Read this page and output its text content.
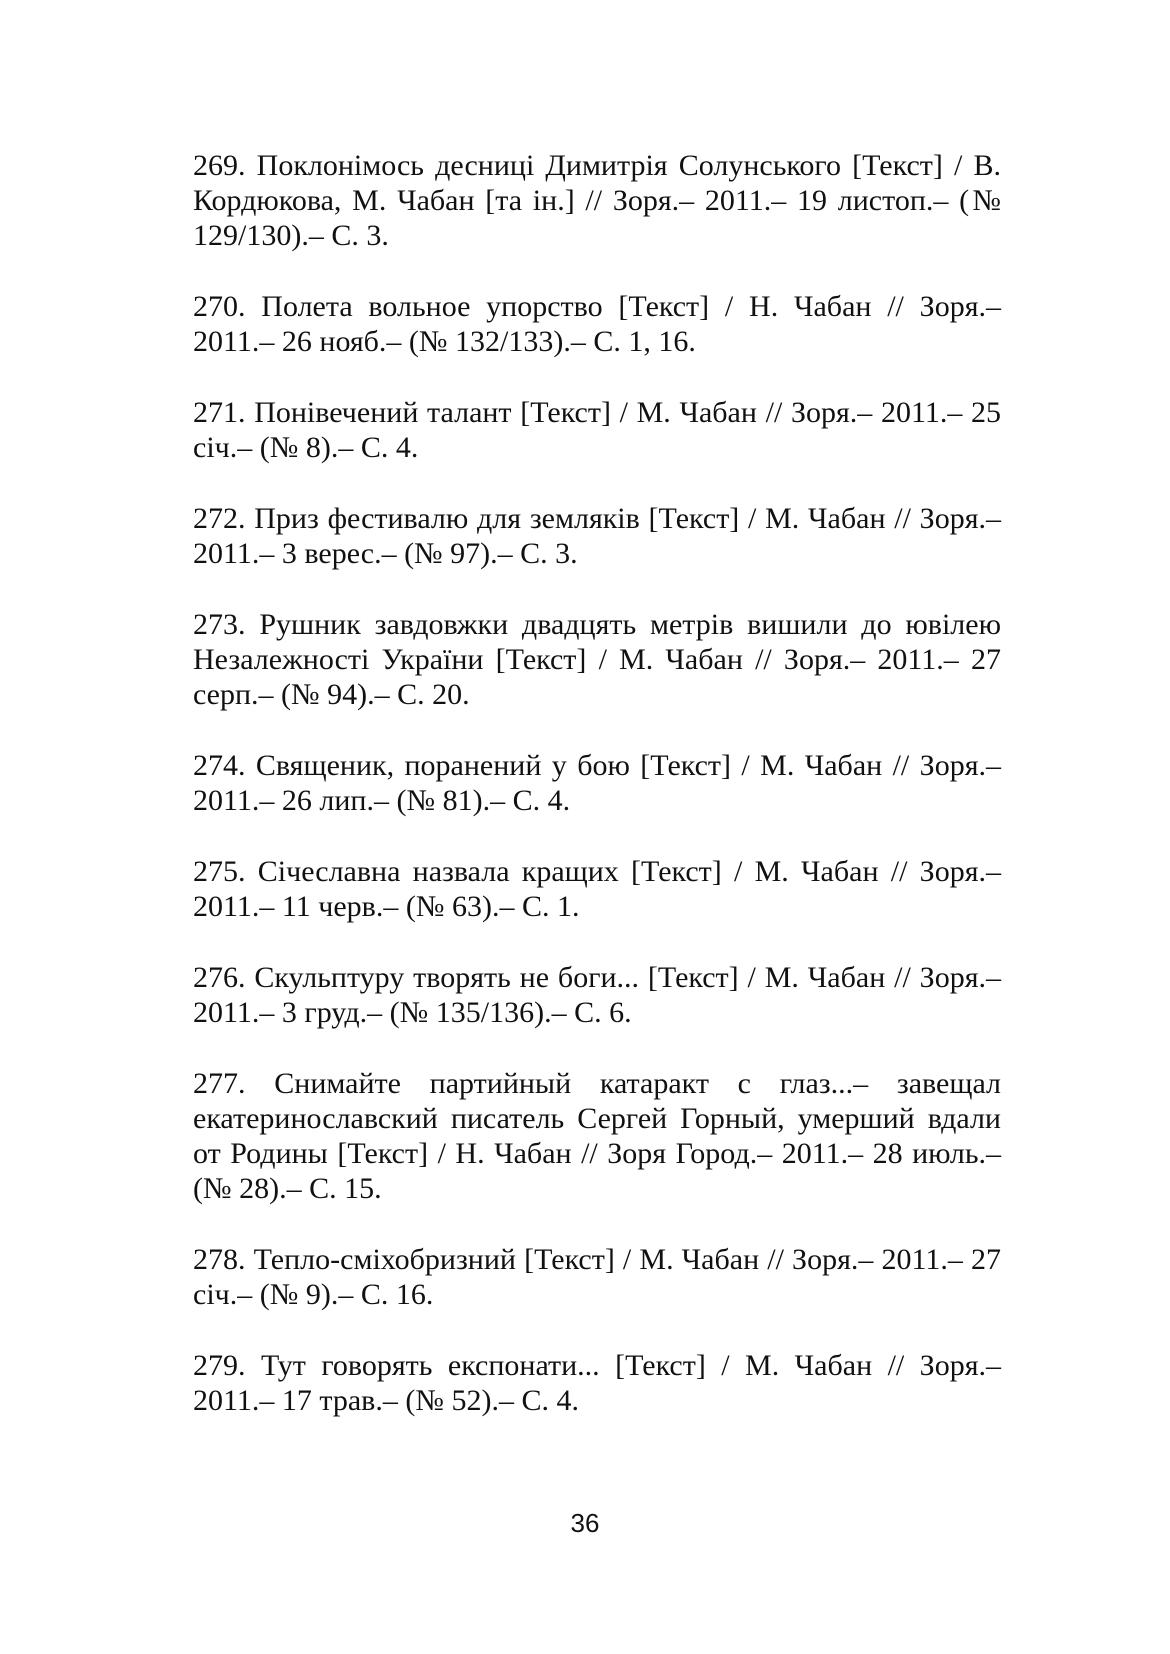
269. Поклонімось десниці Димитрія Солунського [Текст] / В. Кордюкова, М. Чабан [та ін.] // Зоря.– 2011.– 19 листоп.– (№ 129/130).– С. 3.

270. Полета вольное упорство [Текст] / Н. Чабан // Зоря.– 2011.– 26 нояб.– (№ 132/133).– С. 1, 16.

271. Понівечений талант [Текст] / М. Чабан // Зоря.– 2011.– 25 січ.– (№ 8).– С. 4.

272. Приз фестивалю для земляків [Текст] / М. Чабан // Зоря.– 2011.– 3 верес.– (№ 97).– С. 3.

273. Рушник завдовжки двадцять метрів вишили до ювілею Незалежності України [Текст] / М. Чабан // Зоря.– 2011.– 27 серп.– (№ 94).– С. 20.

274. Священик, поранений у бою [Текст] / М. Чабан // Зоря.– 2011.– 26 лип.– (№ 81).– С. 4.

275. Січеславна назвала кращих [Текст] / М. Чабан // Зоря.– 2011.– 11 черв.– (№ 63).– С. 1.

276. Скульптуру творять не боги... [Текст] / М. Чабан // Зоря.– 2011.– 3 груд.– (№ 135/136).– С. 6.

277. Снимайте партийный катаракт с глаз...– завещал екатеринославский писатель Сергей Горный, умерший вдали от Родины [Текст] / Н. Чабан // Зоря Город.– 2011.– 28 июль.– (№ 28).– С. 15.

278. Тепло-сміхобризний [Текст] / М. Чабан // Зоря.– 2011.– 27 січ.– (№ 9).– С. 16.

279. Тут говорять експонати... [Текст] / М. Чабан // Зоря.– 2011.– 17 трав.– (№ 52).– С. 4.

36
